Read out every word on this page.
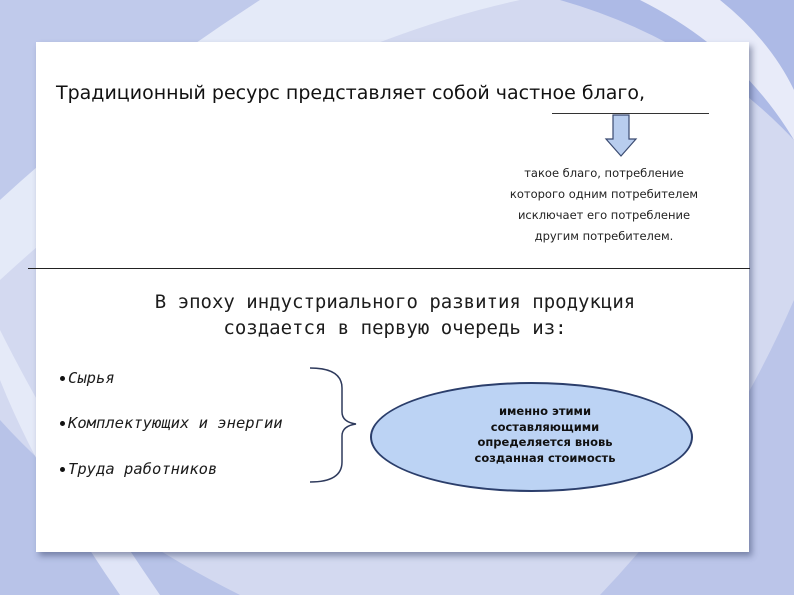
Традиционный ресурс представляет собой частное благо,
такое благо, потребление
которого одним потребителем
исключает его потребление
другим потребителем.
В эпоху индустриального развития продукция
создается в первую очередь из:
Сырья
Комплектующих и энергии
Труда работников
именно этими
составляющими
определяется вновь
созданная стоимость
